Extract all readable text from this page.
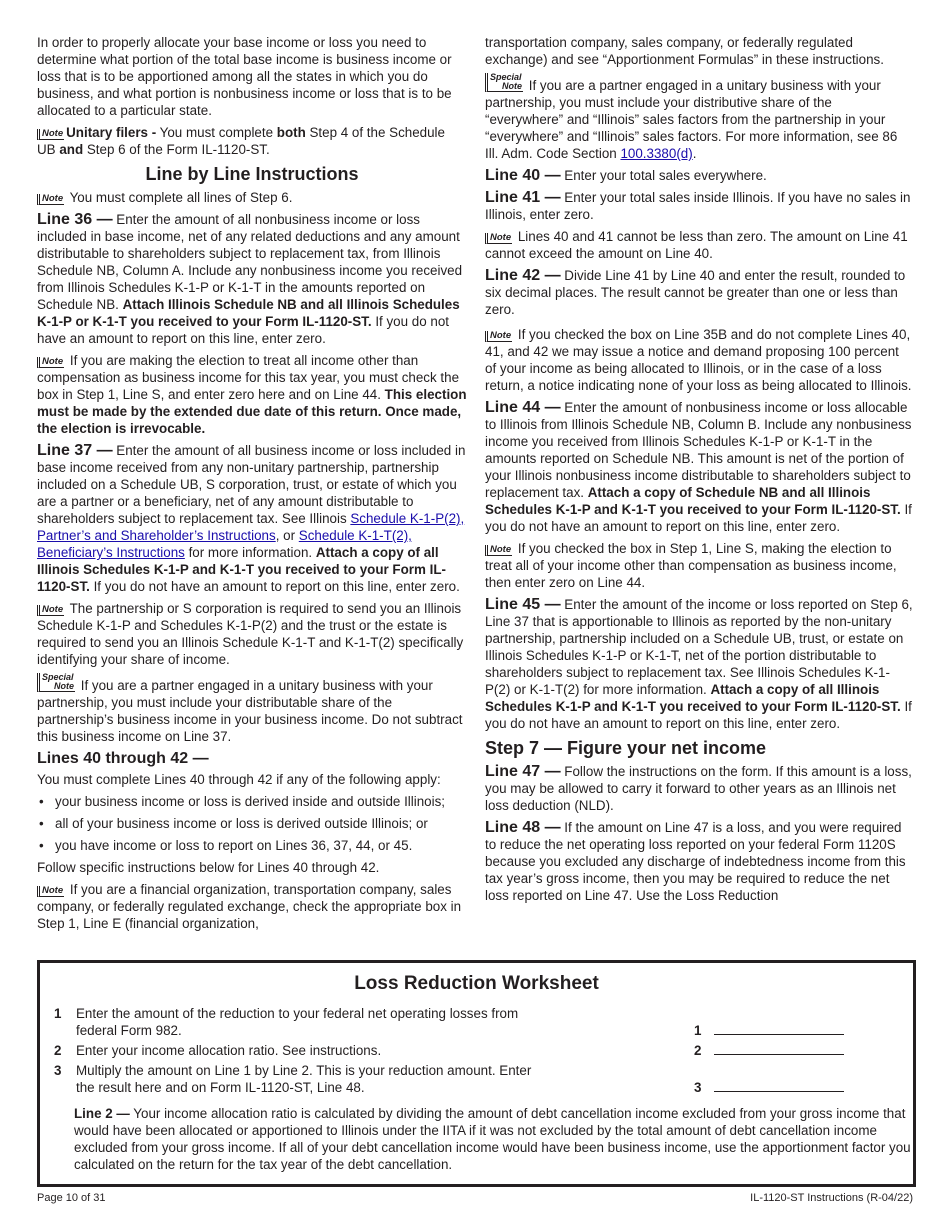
In order to properly allocate your base income or loss you need to determine what portion of the total base income is business income or loss that is to be apportioned among all the states in which you do business, and what portion is nonbusiness income or loss that is to be allocated to a particular state.

Note Unitary filers - You must complete both Step 4 of the Schedule UB and Step 6 of the Form IL-1120-ST.

Line by Line Instructions

Note You must complete all lines of Step 6.

Line 36 — Enter the amount of all nonbusiness income or loss included in base income, net of any related deductions and any amount distributable to shareholders subject to replacement tax, from Illinois Schedule NB, Column A. Include any nonbusiness income you received from Illinois Schedules K-1-P or K-1-T in the amounts reported on Schedule NB. Attach Illinois Schedule NB and all Illinois Schedules K-1-P or K-1-T you received to your Form IL-1120-ST. If you do not have an amount to report on this line, enter zero.

Note If you are making the election to treat all income other than compensation as business income for this tax year, you must check the box in Step 1, Line S, and enter zero here and on Line 44. This election must be made by the extended due date of this return. Once made, the election is irrevocable.

Line 37 — Enter the amount of all business income or loss included in base income received from any non-unitary partnership, partnership included on a Schedule UB, S corporation, trust, or estate of which you are a partner or a beneficiary, net of any amount distributable to shareholders subject to replacement tax. See Illinois Schedule K-1-P(2), Partner’s and Shareholder’s Instructions, or Schedule K-1-T(2), Beneficiary’s Instructions for more information. Attach a copy of all Illinois Schedules K-1-P and K-1-T you received to your Form IL-1120-ST. If you do not have an amount to report on this line, enter zero.

Note The partnership or S corporation is required to send you an Illinois Schedule K-1-P and Schedules K-1-P(2) and the trust or the estate is required to send you an Illinois Schedule K-1-T and K-1-T(2) specifically identifying your share of income.

Special
Note If you are a partner engaged in a unitary business with your partnership, you must include your distributable share of the partnership’s business income in your business income. Do not subtract this business income on Line 37.

Lines 40 through 42 —

You must complete Lines 40 through 42 if any of the following apply:

• your business income or loss is derived inside and outside Illinois;
• all of your business income or loss is derived outside Illinois; or
• you have income or loss to report on Lines 36, 37, 44, or 45.

Follow specific instructions below for Lines 40 through 42.

Note If you are a financial organization, transportation company, sales company, or federally regulated exchange, check the appropriate box in Step 1, Line E (financial organization,

transportation company, sales company, or federally regulated exchange) and see “Apportionment Formulas” in these instructions.

Special
Note If you are a partner engaged in a unitary business with your partnership, you must include your distributive share of the “everywhere” and “Illinois” sales factors from the partnership in your “everywhere” and “Illinois” sales factors. For more information, see 86 Ill. Adm. Code Section 100.3380(d).

Line 40 — Enter your total sales everywhere.

Line 41 — Enter your total sales inside Illinois. If you have no sales in Illinois, enter zero.

Note Lines 40 and 41 cannot be less than zero. The amount on Line 41 cannot exceed the amount on Line 40.

Line 42 — Divide Line 41 by Line 40 and enter the result, rounded to six decimal places. The result cannot be greater than one or less than zero.

Note If you checked the box on Line 35B and do not complete Lines 40, 41, and 42 we may issue a notice and demand proposing 100 percent of your income as being allocated to Illinois, or in the case of a loss return, a notice indicating none of your loss as being allocated to Illinois.

Line 44 — Enter the amount of nonbusiness income or loss allocable to Illinois from Illinois Schedule NB, Column B. Include any nonbusiness income you received from Illinois Schedules K-1-P or K-1-T in the amounts reported on Schedule NB. This amount is net of the portion of your Illinois nonbusiness income distributable to shareholders subject to replacement tax. Attach a copy of Schedule NB and all Illinois Schedules K-1-P and K-1-T you received to your Form IL-1120-ST. If you do not have an amount to report on this line, enter zero.

Note If you checked the box in Step 1, Line S, making the election to treat all of your income other than compensation as business income, then enter zero on Line 44.

Line 45 — Enter the amount of the income or loss reported on Step 6, Line 37 that is apportionable to Illinois as reported by the non-unitary partnership, partnership included on a Schedule UB, trust, or estate on Illinois Schedules K-1-P or K-1-T, net of the portion distributable to shareholders subject to replacement tax. See Illinois Schedules K-1-P(2) or K-1-T(2) for more information. Attach a copy of all Illinois Schedules K-1-P and K-1-T you received to your Form IL-1120-ST. If you do not have an amount to report on this line, enter zero.

Step 7 — Figure your net income

Line 47 — Follow the instructions on the form. If this amount is a loss, you may be allowed to carry it forward to other years as an Illinois net loss deduction (NLD).

Line 48 — If the amount on Line 47 is a loss, and you were required to reduce the net operating loss reported on your federal Form 1120S because you excluded any discharge of indebtedness income from this tax year’s gross income, then you may be required to reduce the net loss reported on Line 47. Use the Loss Reduction

Loss Reduction Worksheet
1 Enter the amount of the reduction to your federal net operating losses from federal Form 982.	1
2 Enter your income allocation ratio. See instructions.	2
3 Multiply the amount on Line 1 by Line 2. This is your reduction amount. Enter the result here and on Form IL-1120-ST, Line 48.	3

Line 2 — Your income allocation ratio is calculated by dividing the amount of debt cancellation income excluded from your gross income that would have been allocated or apportioned to Illinois under the IITA if it was not excluded by the total amount of debt cancellation income excluded from your gross income. If all of your debt cancellation income would have been business income, use the apportionment factor you calculated on the return for the tax year of the debt cancellation.

Page 10 of 31	IL-1120-ST Instructions (R-04/22)
